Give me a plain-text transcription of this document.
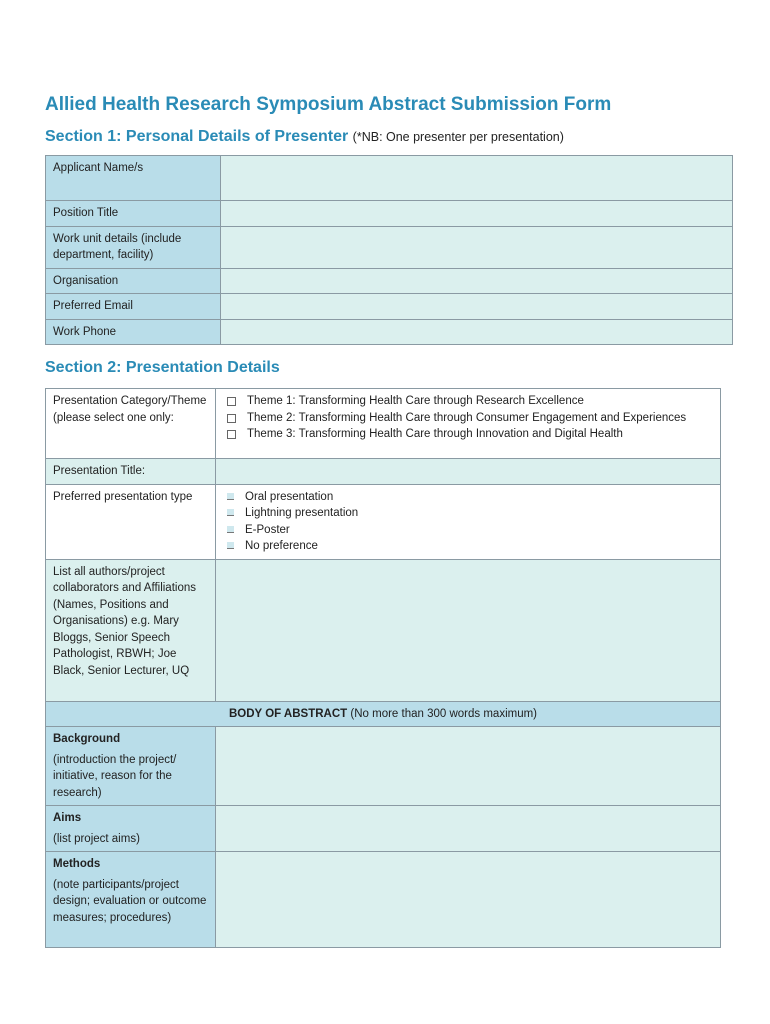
Allied Health Research Symposium Abstract Submission Form
Section 1: Personal Details of Presenter (*NB: One presenter per presentation)
Applicant Name/s	
Position Title	
Work unit details (include department, facility)	
Organisation	
Preferred Email	
Work Phone	
Section 2: Presentation Details
Presentation Category/Theme (please select one only:	Theme 1: Transforming Health Care through Research Excellence
Theme 2: Transforming Health Care through Consumer Engagement and Experiences
Theme 3: Transforming Health Care through Innovation and Digital Health

Presentation Title:	
Preferred presentation type	Oral presentation
Lightning presentation
E-Poster
No preference

List all authors/project collaborators and Affiliations (Names, Positions and Organisations) e.g. Mary Bloggs, Senior Speech Pathologist, RBWH; Joe Black, Senior Lecturer, UQ	
BODY OF ABSTRACT (No more than 300 words maximum)	

Background
(introduction the project/ initiative, reason for the research)	

Aims
(list project aims)	

Methods
(note participants/project design; evaluation or outcome measures; procedures)	
